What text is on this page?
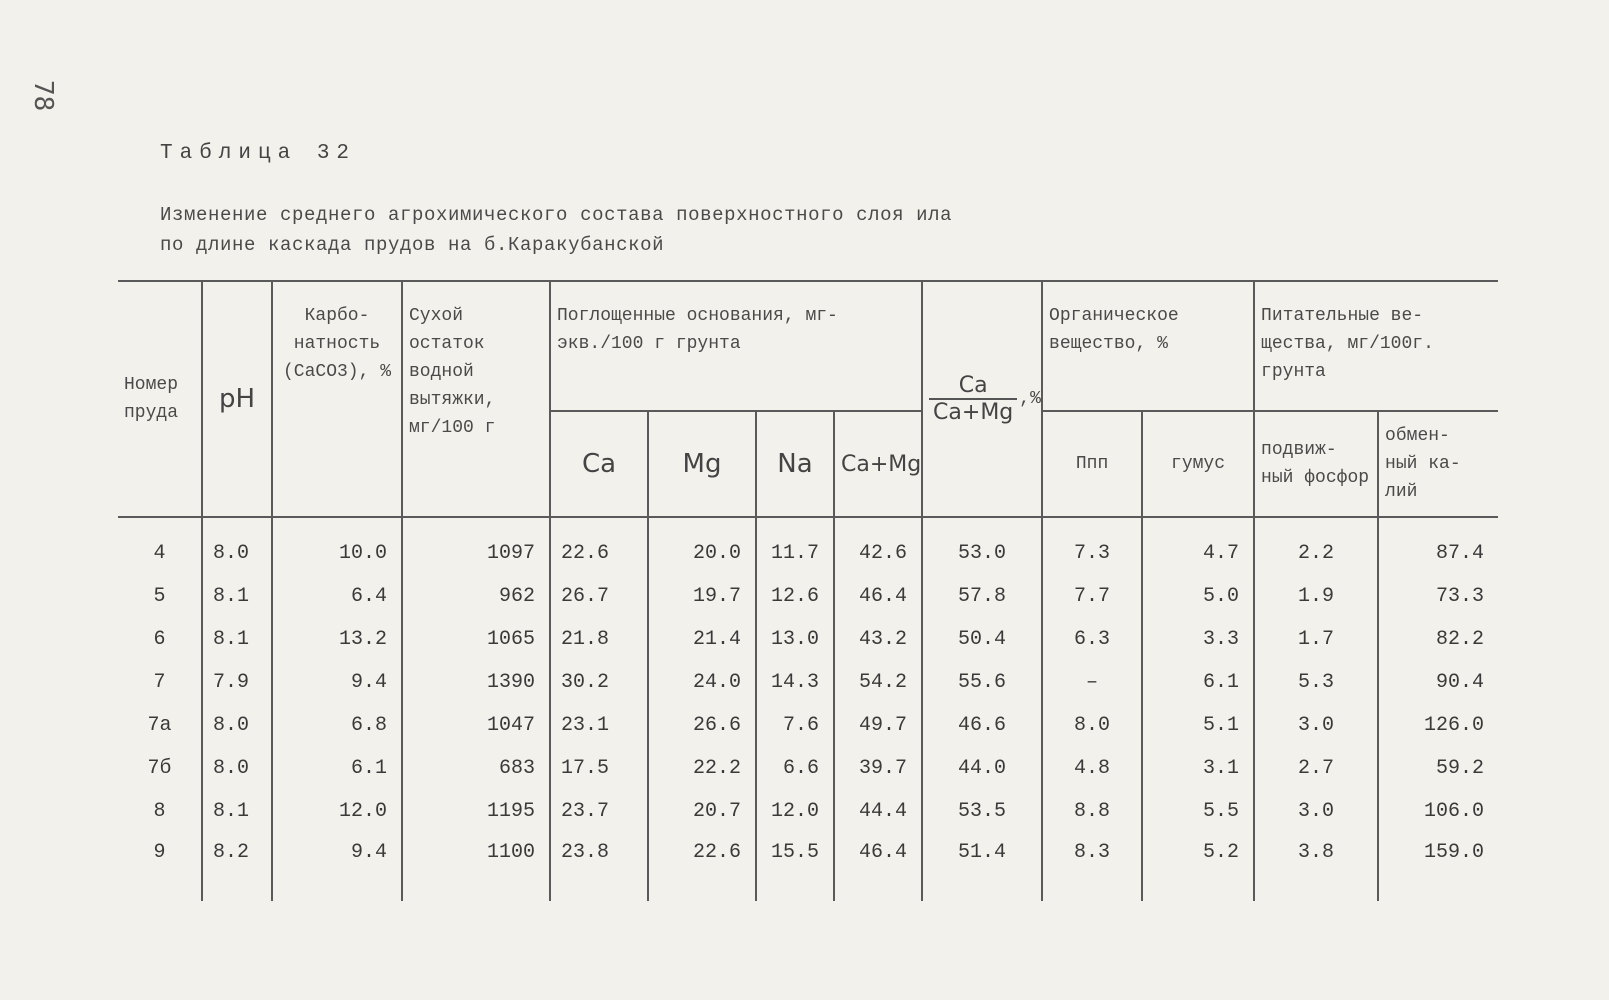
78
Таблица 32
Изменение среднего агрохимического состава поверхностного слоя ила
по длине каскада прудов на б.Каракубанской
Номер пруда	pH	Карбо- натность (CaCO3), %	Сухой остаток водной вытяжки, мг/100 г	Поглощенные основания, мг-экв./100 г грунта				$\frac{Ca}{Ca+Mg}$ ,%	Органическое вещество, %		Питательные ве- щества, мг/100г. грунта	
				Ca	Mg	Na	Ca+Mg		Ппп	гумус	подвиж- ный фосфор	обмен- ный ка- лий
4	8.0	10.0	1097	22.6	20.0	11.7	42.6	53.0	7.3	4.7	2.2	87.4
5	8.1	6.4	962	26.7	19.7	12.6	46.4	57.8	7.7	5.0	1.9	73.3
6	8.1	13.2	1065	21.8	21.4	13.0	43.2	50.4	6.3	3.3	1.7	82.2
7	7.9	9.4	1390	30.2	24.0	14.3	54.2	55.6	–	6.1	5.3	90.4
7а	8.0	6.8	1047	23.1	26.6	7.6	49.7	46.6	8.0	5.1	3.0	126.0
7б	8.0	6.1	683	17.5	22.2	6.6	39.7	44.0	4.8	3.1	2.7	59.2
8	8.1	12.0	1195	23.7	20.7	12.0	44.4	53.5	8.8	5.5	3.0	106.0
9	8.2	9.4	1100	23.8	22.6	15.5	46.4	51.4	8.3	5.2	3.8	159.0
